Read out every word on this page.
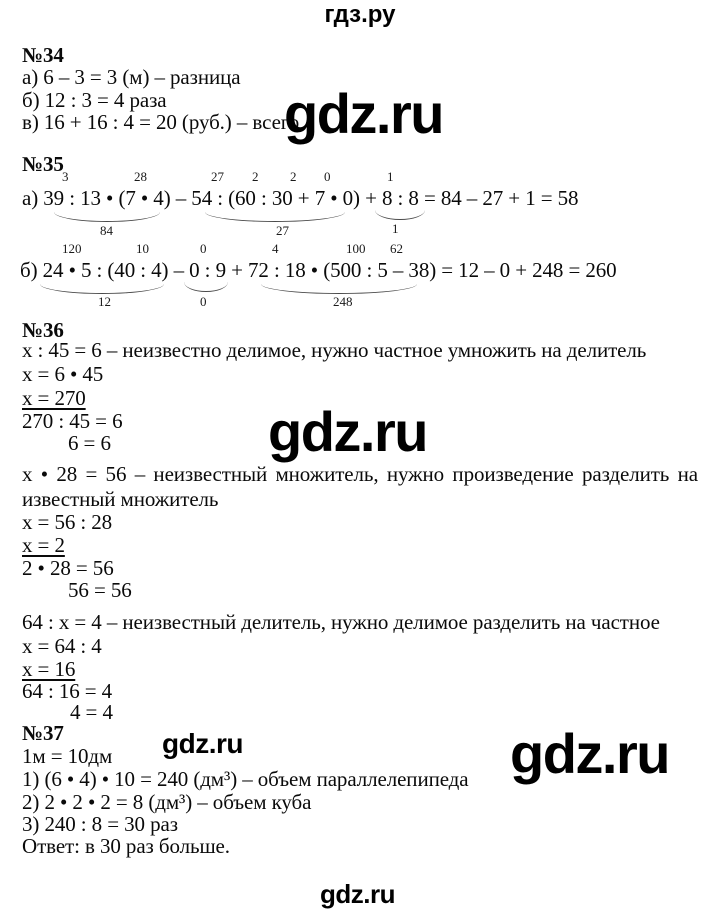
гдз.ру
№34
а) 6 – 3 = 3 (м) – разница
б) 12 : 3 = 4 раза
в) 16 + 16 : 4 = 20 (руб.) – всего
gdz.ru
№35
3	28	27 2 2 0	1
а) 39 : 13 • (7 • 4) – 54 : (60 : 30 + 7 • 0) + 8 : 8 = 84 – 27 + 1 = 58
84	27	1
120	10	0	4	100 62
б) 24 • 5 : (40 : 4) – 0 : 9 + 72 : 18 • (500 : 5 – 38) = 12 – 0 + 248 = 260
12	0	248
№36
х : 45 = 6 – неизвестно делимое, нужно частное умножить на делитель
х = 6 • 45
х = 270
270 : 45 = 6
6 = 6	gdz.ru
х • 28 = 56 – неизвестный множитель, нужно произведение разделить на
известный множитель
х = 56 : 28
х = 2
2 • 28 = 56
56 = 56
64 : х = 4 – неизвестный делитель, нужно делимое разделить на частное
х = 64 : 4
х = 16
64 : 16 = 4
4 = 4
№37	gdz.ru	gdz.ru
1м = 10дм
1) (6 • 4) • 10 = 240 (дм³) – объем параллелепипеда
2) 2 • 2 • 2 = 8 (дм³) – объем куба
3) 240 : 8 = 30 раз
Ответ: в 30 раз больше.
gdz.ru
